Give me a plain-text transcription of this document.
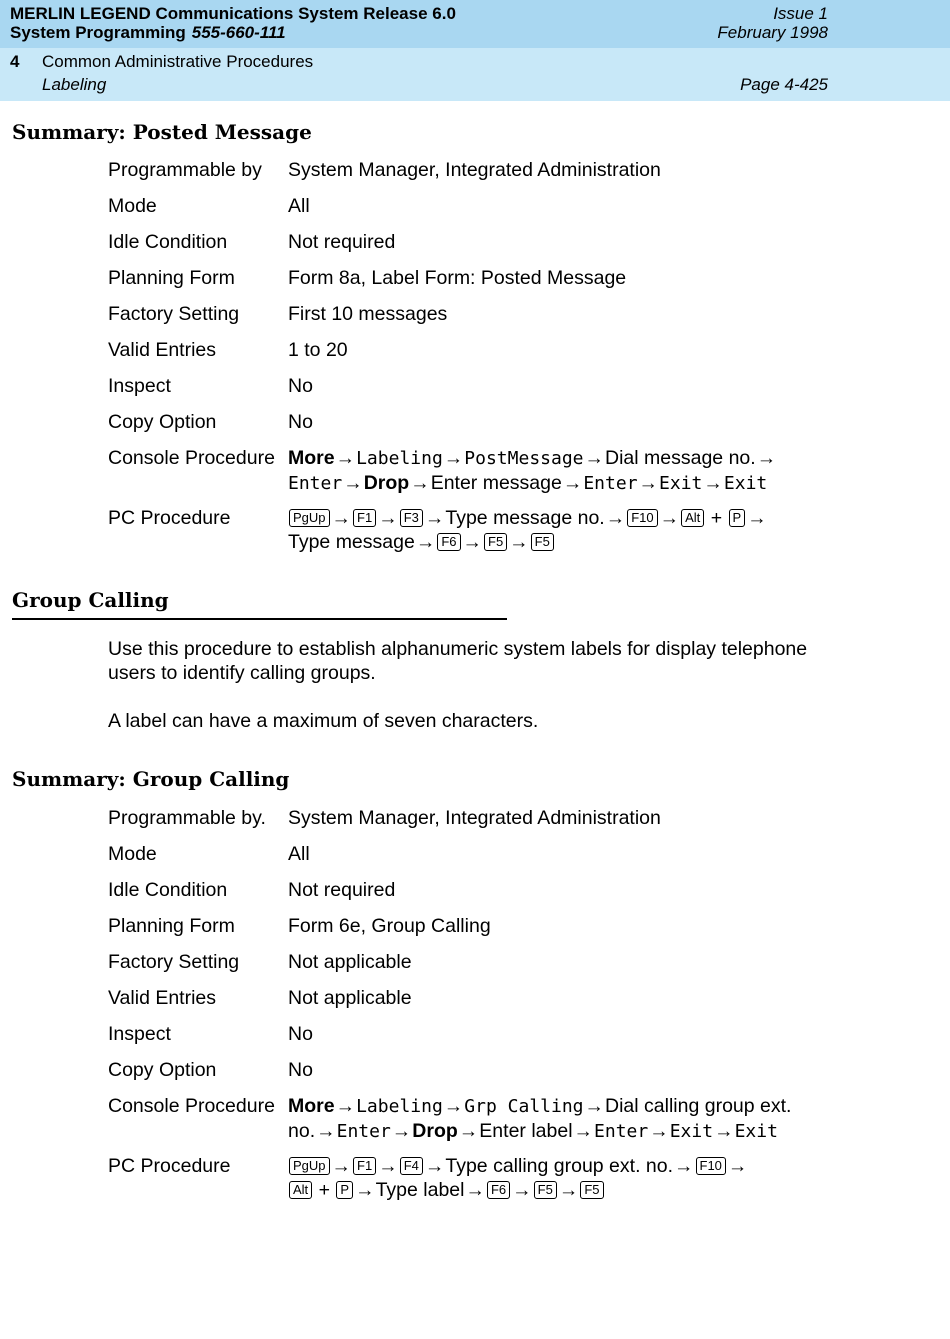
MERLIN LEGEND Communications System Release 6.0
System Programming 555-660-111
Issue 1
February 1998
4 Common Administrative Procedures
Labeling	Page 4-425
Summary: Posted Message
Programmable by System Manager, Integrated Administration
Mode	All
Idle Condition	Not required
Planning Form	Form 8a, Label Form: Posted Message
Factory Setting	First 10 messages
Valid Entries	1 to 20
Inspect	No
Copy Option	No
Console Procedure More→Labeling→PostMessage→Dial message no.→
Enter→Drop→Enter message→Enter→Exit→Exit
PC Procedure	PgUp → F1 → F3 →Type message no.→ F10 → Alt + P →
Type message→ F6 → F5 → F5
Group Calling
Use this procedure to establish alphanumeric system labels for display telephone users to identify calling groups.
A label can have a maximum of seven characters.
Summary: Group Calling
Programmable by. System Manager, Integrated Administration
Mode	All
Idle Condition	Not required
Planning Form	Form 6e, Group Calling
Factory Setting	Not applicable
Valid Entries	Not applicable
Inspect	No
Copy Option	No
Console Procedure More→Labeling→Grp Calling→Dial calling group ext. no.→Enter→Drop→Enter label→Enter→Exit→Exit
PC Procedure	PgUp → F1 → F4 →Type calling group ext. no.→ F10 →
Alt + P →Type label→ F6 → F5 → F5
